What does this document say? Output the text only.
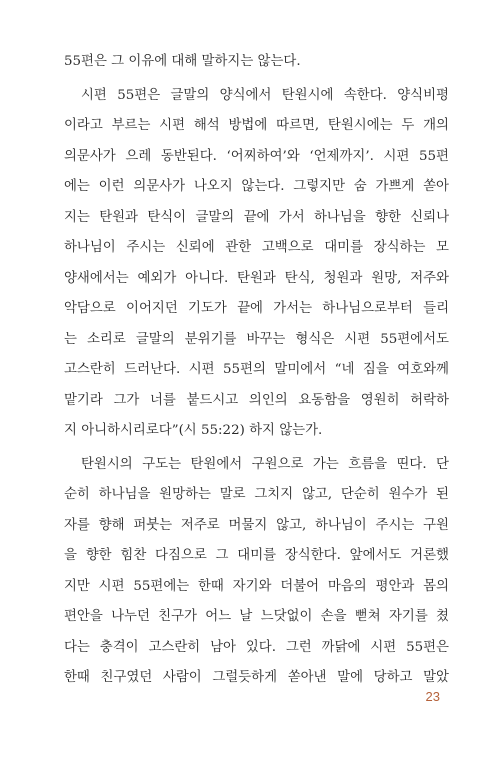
55편은 그 이유에 대해 말하지는 않는다.
시편 55편은 글말의 양식에서 탄원시에 속한다. 양식비평
이라고 부르는 시편 해석 방법에 따르면, 탄원시에는 두 개의
의문사가 으레 동반된다. ‘어찌하여’와 ‘언제까지’. 시편 55편
에는 이런 의문사가 나오지 않는다. 그렇지만 숨 가쁘게 쏟아
지는 탄원과 탄식이 글말의 끝에 가서 하나님을 향한 신뢰나
하나님이 주시는 신뢰에 관한 고백으로 대미를 장식하는 모
양새에서는 예외가 아니다. 탄원과 탄식, 청원과 원망, 저주와
악담으로 이어지던 기도가 끝에 가서는 하나님으로부터 들리
는 소리로 글말의 분위기를 바꾸는 형식은 시편 55편에서도
고스란히 드러난다. 시편 55편의 말미에서 “네 짐을 여호와께
맡기라 그가 너를 붙드시고 의인의 요동함을 영원히 허락하
지 아니하시리로다”(시 55:22) 하지 않는가.
탄원시의 구도는 탄원에서 구원으로 가는 흐름을 띤다. 단
순히 하나님을 원망하는 말로 그치지 않고, 단순히 원수가 된
자를 향해 퍼붓는 저주로 머물지 않고, 하나님이 주시는 구원
을 향한 힘찬 다짐으로 그 대미를 장식한다. 앞에서도 거론했
지만 시편 55편에는 한때 자기와 더불어 마음의 평안과 몸의
편안을 나누던 친구가 어느 날 느닷없이 손을 뻗쳐 자기를 쳤
다는 충격이 고스란히 남아 있다. 그런 까닭에 시편 55편은
한때 친구였던 사람이 그럴듯하게 쏟아낸 말에 당하고 말았
23
